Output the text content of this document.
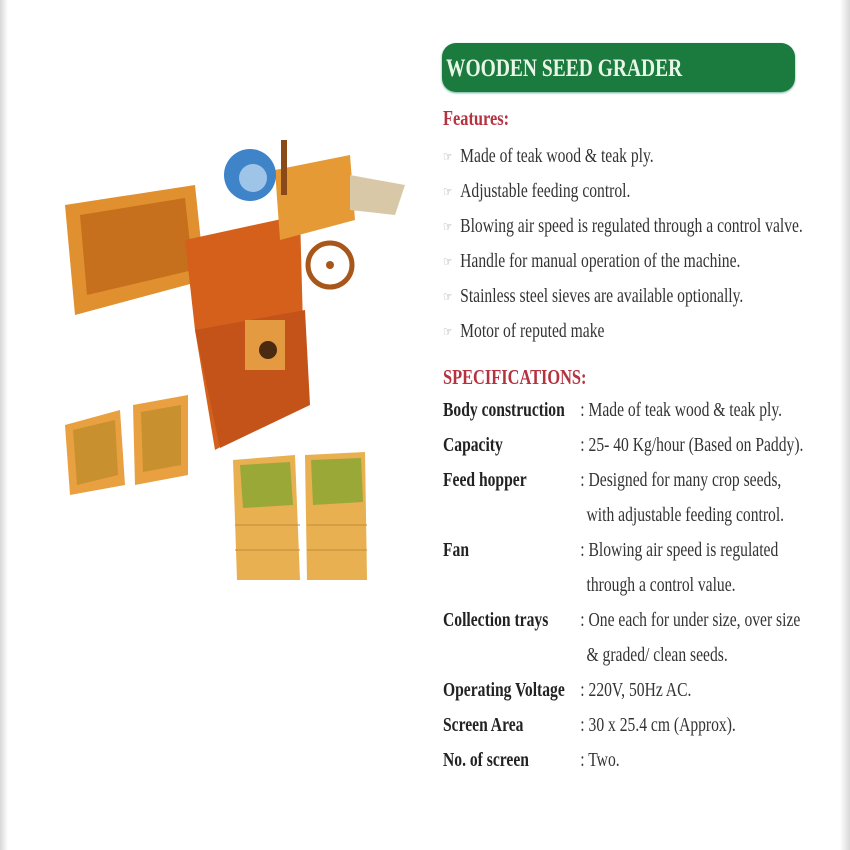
WOODEN SEED GRADER
Features:
☞ Made of teak wood & teak ply.
☞ Adjustable feeding control.
☞ Blowing air speed is regulated through a control valve.
☞ Handle for manual operation of the machine.
☞ Stainless steel sieves are available optionally.
☞ Motor of reputed make
SPECIFICATIONS:
Body construction : Made of teak wood & teak ply.
Capacity	: 25- 40 Kg/hour (Based on Paddy).
Feed hopper	: Designed for many crop seeds,
with adjustable feeding control.
Fan	: Blowing air speed is regulated
through a control value.
Collection trays	: One each for under size, over size
& graded/ clean seeds.
Operating Voltage : 220V, 50Hz AC.
Screen Area	: 30 x 25.4 cm (Approx).
No. of screen	: Two.
